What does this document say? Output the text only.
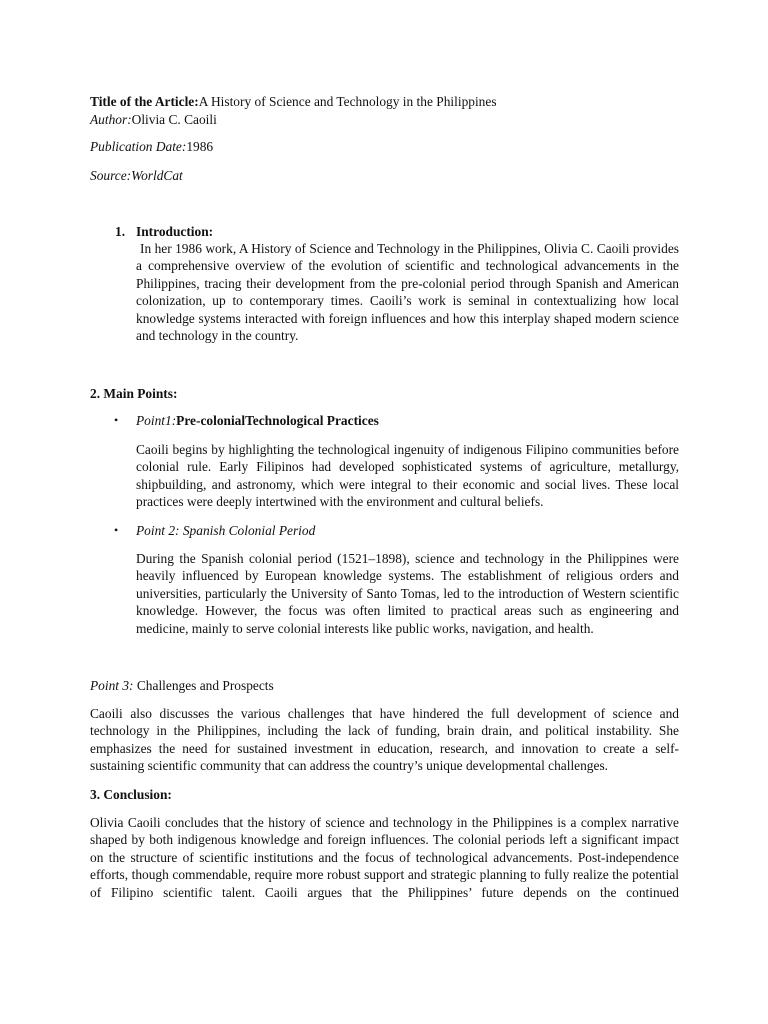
Title of the Article:A History of Science and Technology in the Philippines
Author:Olivia C. Caoili
Publication Date:1986
Source:WorldCat
1. Introduction:

In her 1986 work, A History of Science and Technology in the Philippines, Olivia C. Caoili provides a comprehensive overview of the evolution of scientific and technological advancements in the Philippines, tracing their development from the pre-colonial period through Spanish and American colonization, up to contemporary times. Caoili’s work is seminal in contextualizing how local knowledge systems interacted with foreign influences and how this interplay shaped modern science and technology in the country.

2. Main Points:
• Point1:Pre-colonialTechnological Practices

Caoili begins by highlighting the technological ingenuity of indigenous Filipino communities before colonial rule. Early Filipinos had developed sophisticated systems of agriculture, metallurgy, shipbuilding, and astronomy, which were integral to their economic and social lives. These local practices were deeply intertwined with the environment and cultural beliefs.

• Point 2: Spanish Colonial Period

During the Spanish colonial period (1521–1898), science and technology in the Philippines were heavily influenced by European knowledge systems. The establishment of religious orders and universities, particularly the University of Santo Tomas, led to the introduction of Western scientific knowledge. However, the focus was often limited to practical areas such as engineering and medicine, mainly to serve colonial interests like public works, navigation, and health.

Point 3: Challenges and Prospects

Caoili also discusses the various challenges that have hindered the full development of science and technology in the Philippines, including the lack of funding, brain drain, and political instability. She emphasizes the need for sustained investment in education, research, and innovation to create a self-sustaining scientific community that can address the country’s unique developmental challenges.

3. Conclusion:

Olivia Caoili concludes that the history of science and technology in the Philippines is a complex narrative shaped by both indigenous knowledge and foreign influences. The colonial periods left a significant impact on the structure of scientific institutions and the focus of technological advancements. Post-independence efforts, though commendable, require more robust support and strategic planning to fully realize the potential of Filipino scientific talent. Caoili argues that the Philippines’ future depends on the continued
